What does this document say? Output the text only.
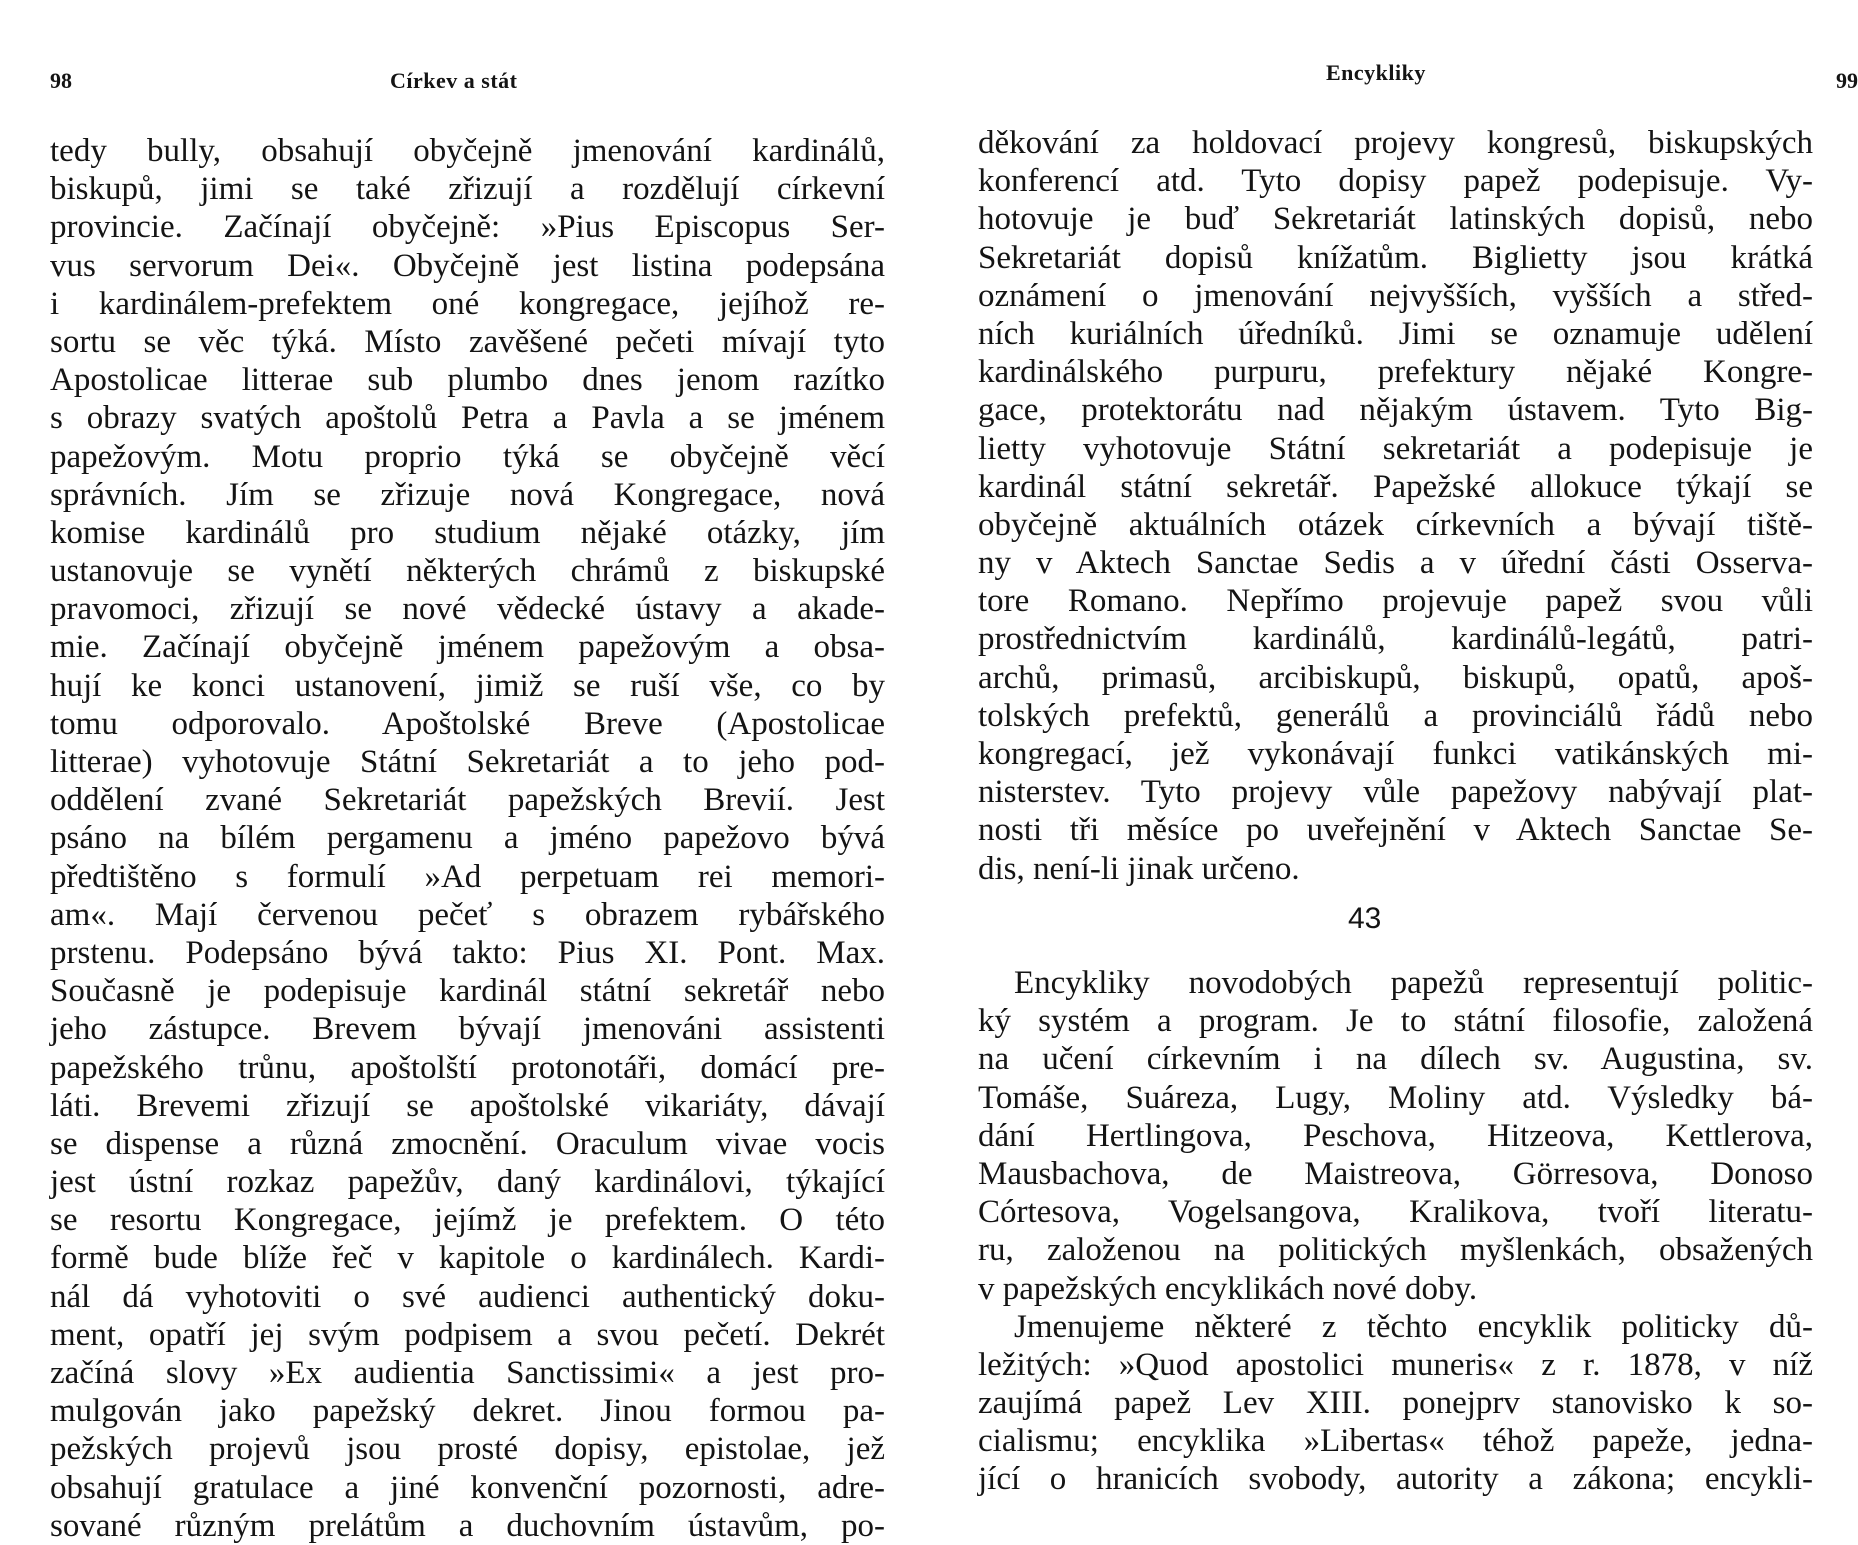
98	Církev a stát
tedy bully, obsahují obyčejně jmenování kardinálů,
biskupů, jimi se také zřizují a rozdělují církevní
provincie. Začínají obyčejně: »Pius Episcopus Ser-
vus servorum Dei«. Obyčejně jest listina podepsána
i kardinálem-prefektem oné kongregace, jejíhož re-
sortu se věc týká. Místo zavěšené pečeti mívají tyto
Apostolicae litterae sub plumbo dnes jenom razítko
s obrazy svatých apoštolů Petra a Pavla a se jménem
papežovým. Motu proprio týká se obyčejně věcí
správních. Jím se zřizuje nová Kongregace, nová
komise kardinálů pro studium nějaké otázky, jím
ustanovuje se vynětí některých chrámů z biskupské
pravomoci, zřizují se nové vědecké ústavy a akade-
mie. Začínají obyčejně jménem papežovým a obsa-
hují ke konci ustanovení, jimiž se ruší vše, co by
tomu odporovalo. Apoštolské Breve (Apostolicae
litterae) vyhotovuje Státní Sekretariát a to jeho pod-
oddělení zvané Sekretariát papežských Brevií. Jest
psáno na bílém pergamenu a jméno papežovo bývá
předtištěno s formulí »Ad perpetuam rei memori-
am«. Mají červenou pečeť s obrazem rybářského
prstenu. Podepsáno bývá takto: Pius XI. Pont. Max.
Současně je podepisuje kardinál státní sekretář nebo
jeho zástupce. Brevem bývají jmenováni assistenti
papežského trůnu, apoštolští protonotáři, domácí pre-
láti. Brevemi zřizují se apoštolské vikariáty, dávají
se dispense a různá zmocnění. Oraculum vivae vocis
jest ústní rozkaz papežův, daný kardinálovi, týkající
se resortu Kongregace, jejímž je prefektem. O této
formě bude blíže řeč v kapitole o kardinálech. Kardi-
nál dá vyhotoviti o své audienci authentický doku-
ment, opatří jej svým podpisem a svou pečetí. Dekrét
začíná slovy »Ex audientia Sanctissimi« a jest pro-
mulgován jako papežský dekret. Jinou formou pa-
pežských projevů jsou prosté dopisy, epistolae, jež
obsahují gratulace a jiné konvenční pozornosti, adre-
sované různým prelátům a duchovním ústavům, po-
Encykliky	99
děkování za holdovací projevy kongresů, biskupských
konferencí atd. Tyto dopisy papež podepisuje. Vy-
hotovuje je buď Sekretariát latinských dopisů, nebo
Sekretariát dopisů knížatům. Biglietty jsou krátká
oznámení o jmenování nejvyšších, vyšších a střed-
ních kuriálních úředníků. Jimi se oznamuje udělení
kardinálského purpuru, prefektury nějaké Kongre-
gace, protektorátu nad nějakým ústavem. Tyto Big-
lietty vyhotovuje Státní sekretariát a podepisuje je
kardinál státní sekretář. Papežské allokuce týkají se
obyčejně aktuálních otázek církevních a bývají tiště-
ny v Aktech Sanctae Sedis a v úřední části Osserva-
tore Romano. Nepřímo projevuje papež svou vůli
prostřednictvím kardinálů, kardinálů-legátů, patri-
archů, primasů, arcibiskupů, biskupů, opatů, apoš-
tolských prefektů, generálů a provinciálů řádů nebo
kongregací, jež vykonávají funkci vatikánských mi-
nisterstev. Tyto projevy vůle papežovy nabývají plat-
nosti tři měsíce po uveřejnění v Aktech Sanctae Se-
dis, není-li jinak určeno.
43
Encykliky novodobých papežů representují politic-
ký systém a program. Je to státní filosofie, založená
na učení církevním i na dílech sv. Augustina, sv.
Tomáše, Suáreza, Lugy, Moliny atd. Výsledky bá-
dání Hertlingova, Peschova, Hitzeova, Kettlerova,
Mausbachova, de Maistreova, Görresova, Donoso
Córtesova, Vogelsangova, Kralikova, tvoří literatu-
ru, založenou na politických myšlenkách, obsažených
v papežských encyklikách nové doby.
Jmenujeme některé z těchto encyklik politicky dů-
ležitých: »Quod apostolici muneris« z r. 1878, v níž
zaujímá papež Lev XIII. ponejprv stanovisko k so-
cialismu; encyklika »Libertas« téhož papeže, jedna-
jící o hranicích svobody, autority a zákona; encykli-
